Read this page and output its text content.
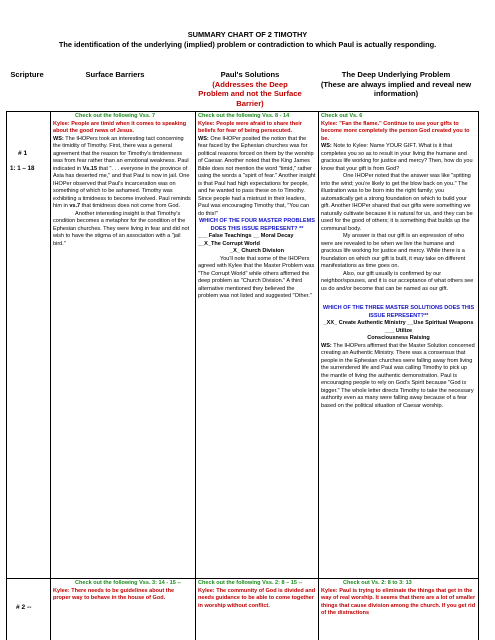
SUMMARY CHART OF 2 TIMOTHY
The identification of the underlying (implied) problem or contradiction to which Paul is actually responding.
Scripture	Surface Barriers	Paul's Solutions
(Addresses the Deep Problem and not the Surface Barrier)
The Deep Underlying Problem
(These are always implied and reveal new information)
# 1
1: 1 – 18

Check out the following Vss. 7

Kylee: People are timid when it comes to speaking about the good news of Jesus.

WS: The IHOPers took an interesting tact concerning the timidity of Timothy. First, there was a general agreement that the reason for Timothy's timidenness was from fear rather than an emotional weakness. Paul indicated in Vs.15 that ". . . everyone in the province of Asia has deserted me," and that Paul is now in jail. One IHOPer observed that Paul's incarceration was on something of which to be ashamed. Timothy was exhibiting a timidness to become involved. Paul reminds him in vs.7 that timidness does not come from God.

Another interesting insight is that Timothy's condition becomes a metaphor for the condition of the Ephesian churches. They were living in fear and did not wish to have the stigma of an association with a "jail bird."

Check out the following Vss. 8 - 14

Kylee: People were afraid to share their beliefs for fear of being persecuted.

WS: One IHOPer posited the notion that the fear faced by the Ephesian churches was for political reasons forced on them by the worship of Caesar. Another noted that the King James Bible does not mention the word "timid," rather using the words a "spirit of fear." Another insight is that Paul had high expectations for people, and he wanted to pass these on to Timothy. Since people had a mistrust in their leaders, Paul was encouraging Timothy that, "You can do this!"

WHICH OF THE FOUR MASTER PROBLEMS DOES THIS ISSUE REPRESENT? **

___ False Teachings __ Moral Decay __X_The Corrupt World

_X_ Church Division

You'll note that some of the IHOPers agreed with Kylee that the Master Problem was "The Corrupt World" while others affirmed the deep problem as "Church Division." A third alternative mentioned they believed the problem was not listed and suggested "Other."

Check out Vs. 6

Kylee: "Fan the flame." Continue to use your gifts to become more completely the person God created you to be.

WS: Note to Kylee: Name YOUR GIFT. What is it that completes you so as to result in your living the humane and gracious life working for justice and mercy? Then, how do you know that your gift is from God?

One IHOPer noted that the answer was like "spitting into the wind; you're likely to get the blow back on you." The illustration was to be born into the right family; you automatically get a strong foundation on which to build your gift. Another IHOPer shared that our gifts were something we naturally cultivate because it is natural for us, and they can be used for the good of others; it is something that builds up the communal body.

My answer is that our gift is an expression of who were are revealed to be when we live the humane and gracious life working for justice and mercy. While there is a foundation on which our gift is built, it may take on different manifestations as time goes on.

Also, our gift usually is confirmed by our neighbor/spouses, and it is our acceptance of what others see us do and/or become that can be named as our gift.

WHICH OF THE THREE MASTER SOLUTIONS DOES THIS ISSUE REPRESENT?**

_XX_ Create Authentic Ministry __Use Spiritual Weapons ___ Utilize

Consciousness Raising

WS: The IHOPers affirmed that the Master Solution concerned creating an Authentic Ministry. There was a consensus that people in the Ephesian churches were falling away from living the surrendered life and Paul was calling Timothy to pick up the mantle of living the authentic demonstration. Paul is encouraging people to rely on God's Spirit because "God is bigger." The whole letter directs Timothy to take the necessary authority even as many were falling away because of a fear based on the political situation of Caesar worship.

# 2 --

Check out the following Vss. 3: 14 - 15 --

Kylee: There needs to be guidelines about the proper way to behave in the house of God.

Check out the following Vss. 2: 8 – 15 --

Kylee: The community of God is divided and needs guidance to be able to come together in worship without conflict.

Check out Vs. 2: 8 to 3: 13

Kylee: Paul is trying to eliminate the things that get in the way of real worship. It seems that there are a lot of smaller things that cause division among the church. If you get rid of the distractions
